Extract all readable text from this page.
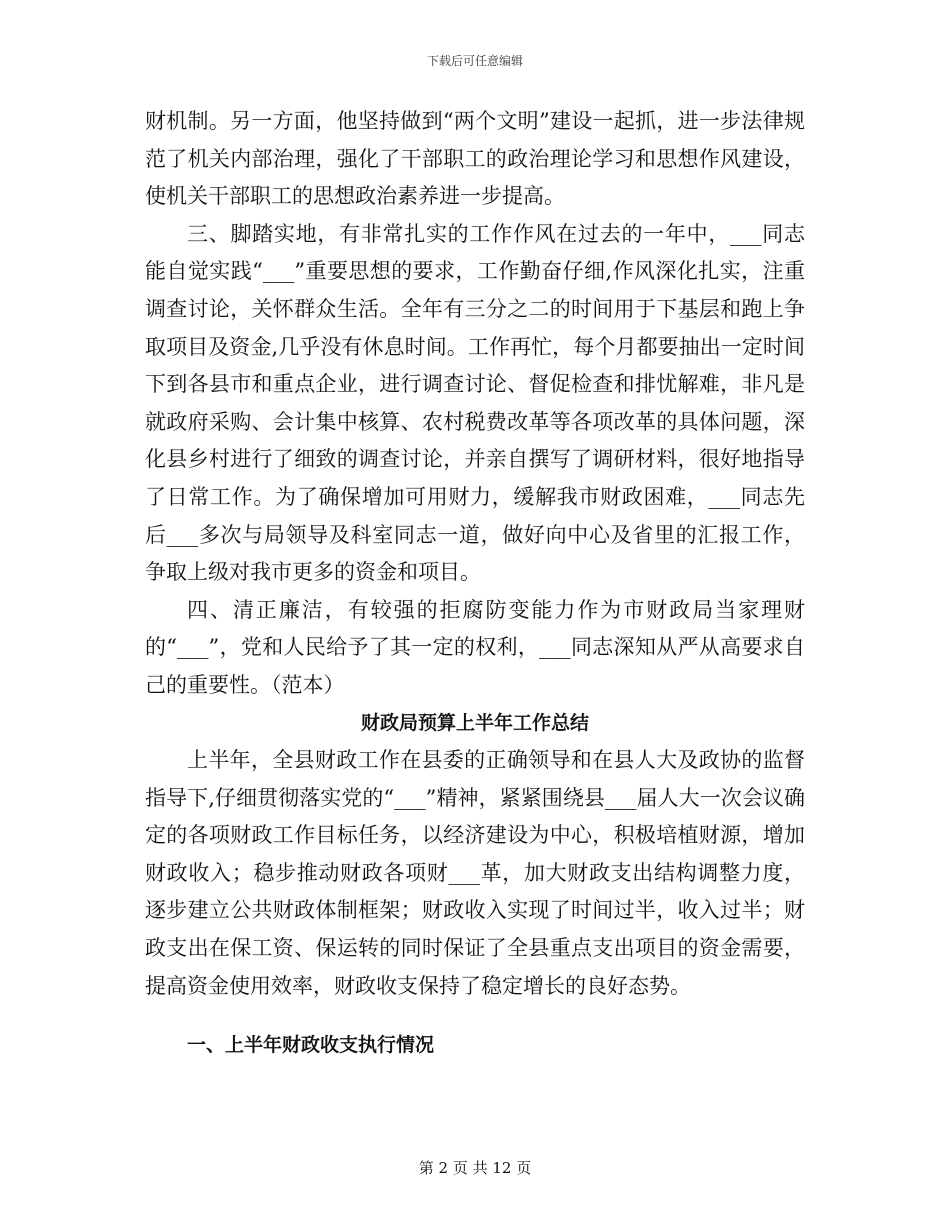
下载后可任意编辑

财机制。另一方面，他坚持做到“两个文明”建设一起抓，进一步法律规范了机关内部治理，强化了干部职工的政治理论学习和思想作风建设，使机关干部职工的思想政治素养进一步提高。

三、脚踏实地，有非常扎实的工作作风在过去的一年中，___同志能自觉实践“___”重要思想的要求，工作勤奋仔细,作风深化扎实，注重调查讨论，关怀群众生活。全年有三分之二的时间用于下基层和跑上争取项目及资金,几乎没有休息时间。工作再忙，每个月都要抽出一定时间下到各县市和重点企业，进行调查讨论、督促检查和排忧解难，非凡是就政府采购、会计集中核算、农村税费改革等各项改革的具体问题，深化县乡村进行了细致的调查讨论，并亲自撰写了调研材料，很好地指导了日常工作。为了确保增加可用财力，缓解我市财政困难，___同志先后___多次与局领导及科室同志一道，做好向中心及省里的汇报工作，争取上级对我市更多的资金和项目。

四、清正廉洁，有较强的拒腐防变能力作为市财政局当家理财的“___”，党和人民给予了其一定的权利，___同志深知从严从高要求自己的重要性。（范本）

财政局预算上半年工作总结

上半年，全县财政工作在县委的正确领导和在县人大及政协的监督指导下,仔细贯彻落实党的“___”精神，紧紧围绕县___届人大一次会议确定的各项财政工作目标任务，以经济建设为中心，积极培植财源，增加财政收入；稳步推动财政各项财___革，加大财政支出结构调整力度，逐步建立公共财政体制框架；财政收入实现了时间过半，收入过半；财政支出在保工资、保运转的同时保证了全县重点支出项目的资金需要，提高资金使用效率，财政收支保持了稳定增长的良好态势。

一、上半年财政收支执行情况

第 2 页 共 12 页
